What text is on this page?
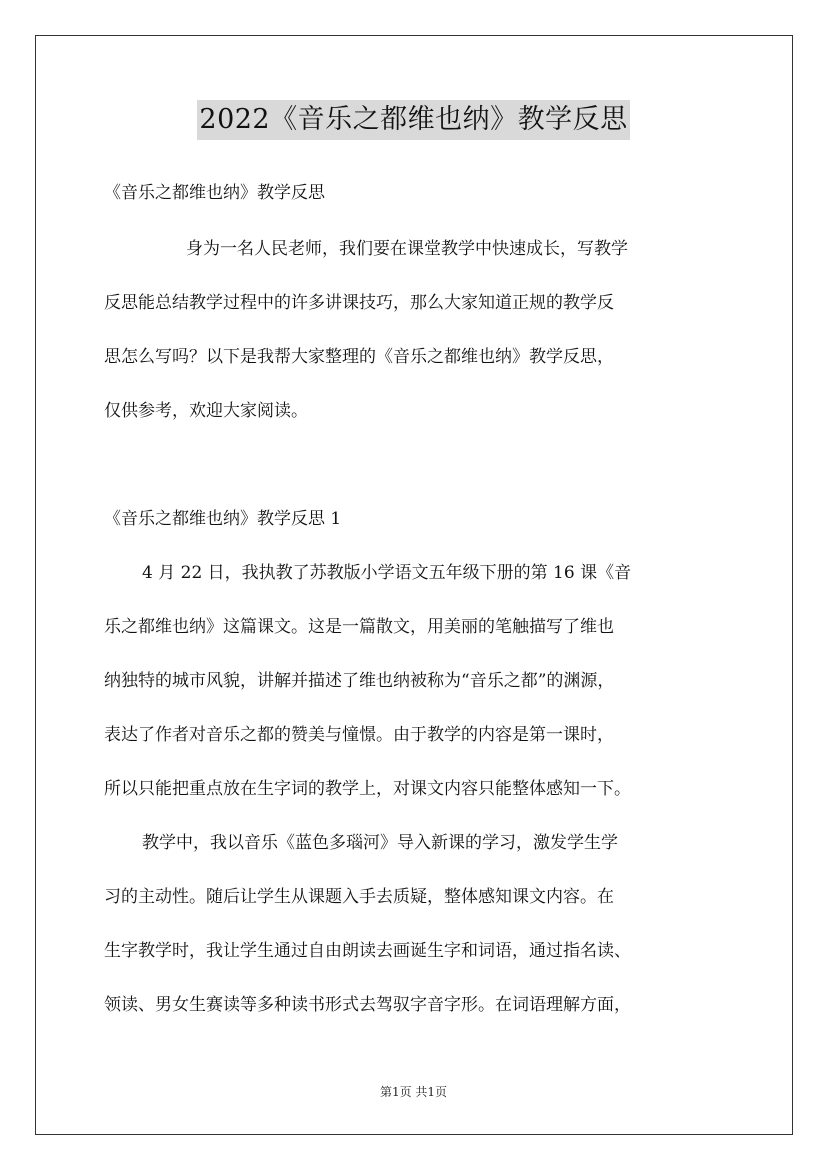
2022《音乐之都维也纳》教学反思
《音乐之都维也纳》教学反思
身为一名人民老师，我们要在课堂教学中快速成长，写教学
反思能总结教学过程中的许多讲课技巧，那么大家知道正规的教学反
思怎么写吗？以下是我帮大家整理的《音乐之都维也纳》教学反思，
仅供参考，欢迎大家阅读。
《音乐之都维也纳》教学反思 1
4 月 22 日，我执教了苏教版小学语文五年级下册的第 16 课《音
乐之都维也纳》这篇课文。这是一篇散文，用美丽的笔触描写了维也
纳独特的城市风貌，讲解并描述了维也纳被称为“音乐之都”的渊源，
表达了作者对音乐之都的赞美与憧憬。由于教学的内容是第一课时，
所以只能把重点放在生字词的教学上，对课文内容只能整体感知一下。
教学中，我以音乐《蓝色多瑙河》导入新课的学习，激发学生学
习的主动性。随后让学生从课题入手去质疑，整体感知课文内容。在
生字教学时，我让学生通过自由朗读去画诞生字和词语，通过指名读、
领读、男女生赛读等多种读书形式去驾驭字音字形。在词语理解方面，
第1页 共1页
